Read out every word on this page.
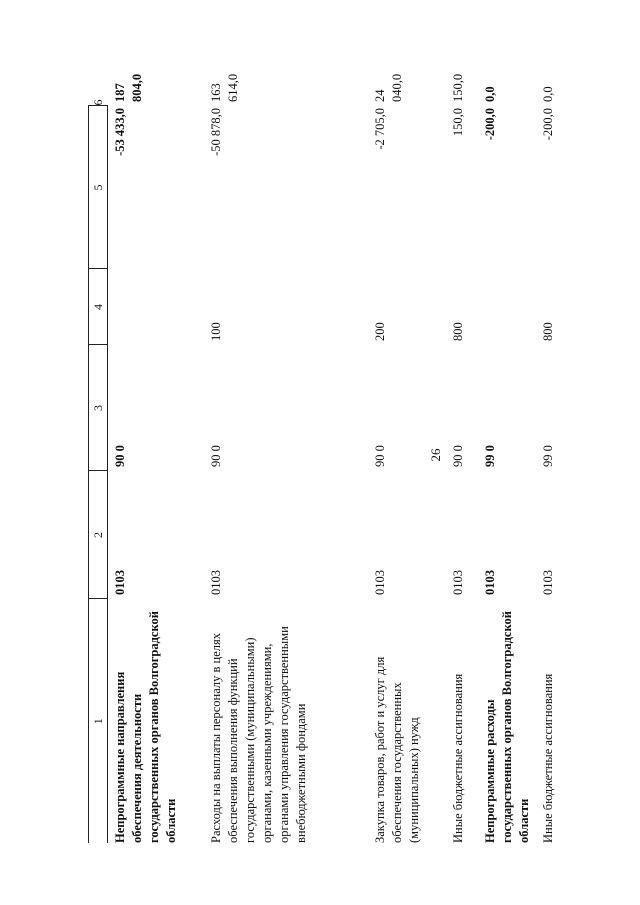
26
1	2	3	4	5	6
Непрограммные направления обеспечения деятельности государственных органов Волгоградской области	0103	90 0		-53 433,0	187 804,0
Расходы на выплаты персоналу в целях обеспечения выполнения функций государственными (муниципальными) органами, казенными учреждениями, органами управления государственными внебюджетными фондами	0103	90 0	100	-50 878,0	163 614,0
Закупка товаров, работ и услуг для обеспечения государственных (муниципальных) нужд	0103	90 0	200	-2 705,0	24 040,0
Иные бюджетные ассигнования	0103	90 0	800	150,0	150,0
Непрограммные расходы государственных органов Волгоградской области	0103	99 0		-200,0	0,0
Иные бюджетные ассигнования	0103	99 0	800	-200,0	0,0
